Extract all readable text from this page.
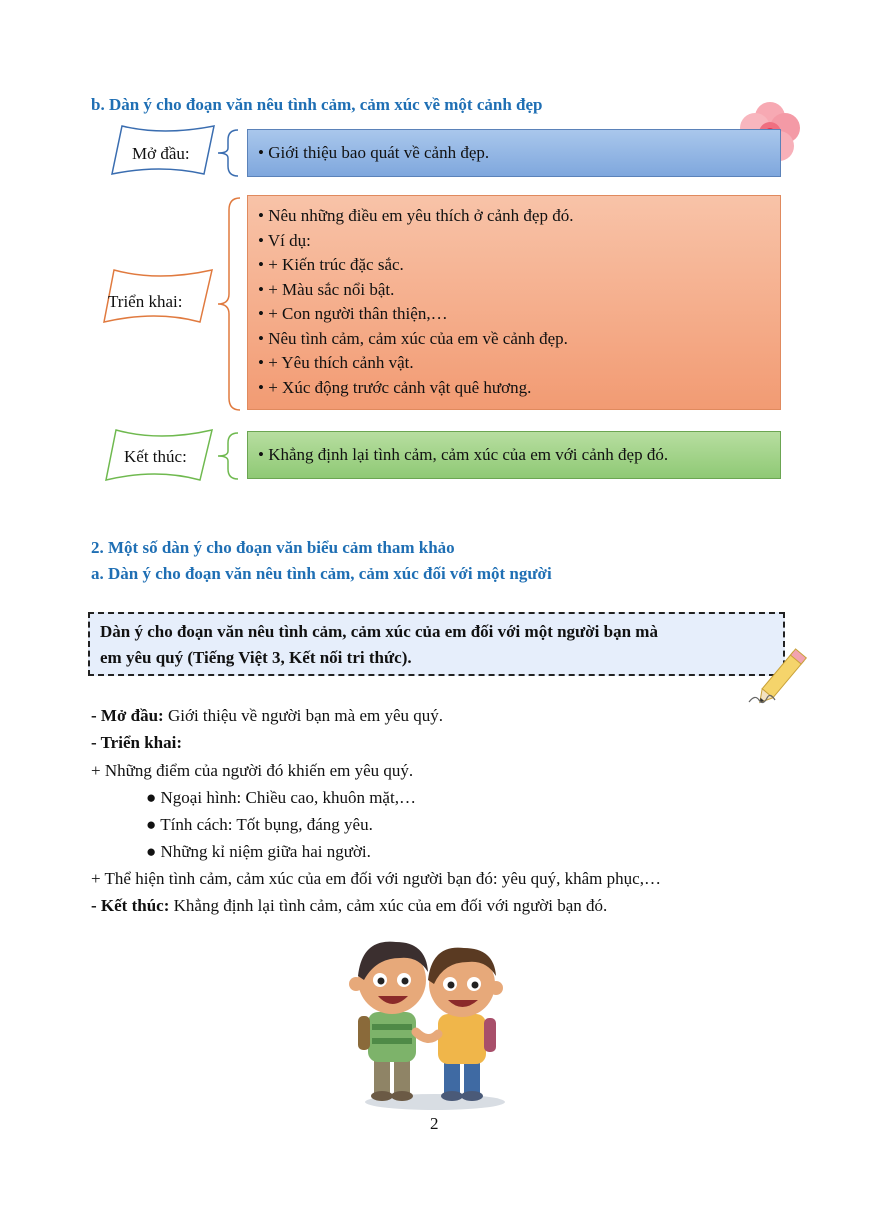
b. Dàn ý cho đoạn văn nêu tình cảm, cảm xúc về một cảnh đẹp
Mở đầu:	• Giới thiệu bao quát về cảnh đẹp.
Triển khai:
• Nêu những điều em yêu thích ở cảnh đẹp đó.
• Ví dụ:
• + Kiến trúc đặc sắc.
• + Màu sắc nổi bật.
• + Con người thân thiện,…
• Nêu tình cảm, cảm xúc của em về cảnh đẹp.
• + Yêu thích cảnh vật.
• + Xúc động trước cảnh vật quê hương.
Kết thúc:	• Khẳng định lại tình cảm, cảm xúc của em với cảnh đẹp đó.
2. Một số dàn ý cho đoạn văn biểu cảm tham khảo
a. Dàn ý cho đoạn văn nêu tình cảm, cảm xúc đối với một người
Dàn ý cho đoạn văn nêu tình cảm, cảm xúc của em đối với một người bạn mà
em yêu quý (Tiếng Việt 3, Kết nối tri thức).
- Mở đầu: Giới thiệu về người bạn mà em yêu quý.
- Triển khai:
+ Những điểm của người đó khiến em yêu quý.
● Ngoại hình: Chiều cao, khuôn mặt,…
● Tính cách: Tốt bụng, đáng yêu.
● Những kỉ niệm giữa hai người.
+ Thể hiện tình cảm, cảm xúc của em đối với người bạn đó: yêu quý, khâm phục,…
- Kết thúc: Khẳng định lại tình cảm, cảm xúc của em đối với người bạn đó.
2
